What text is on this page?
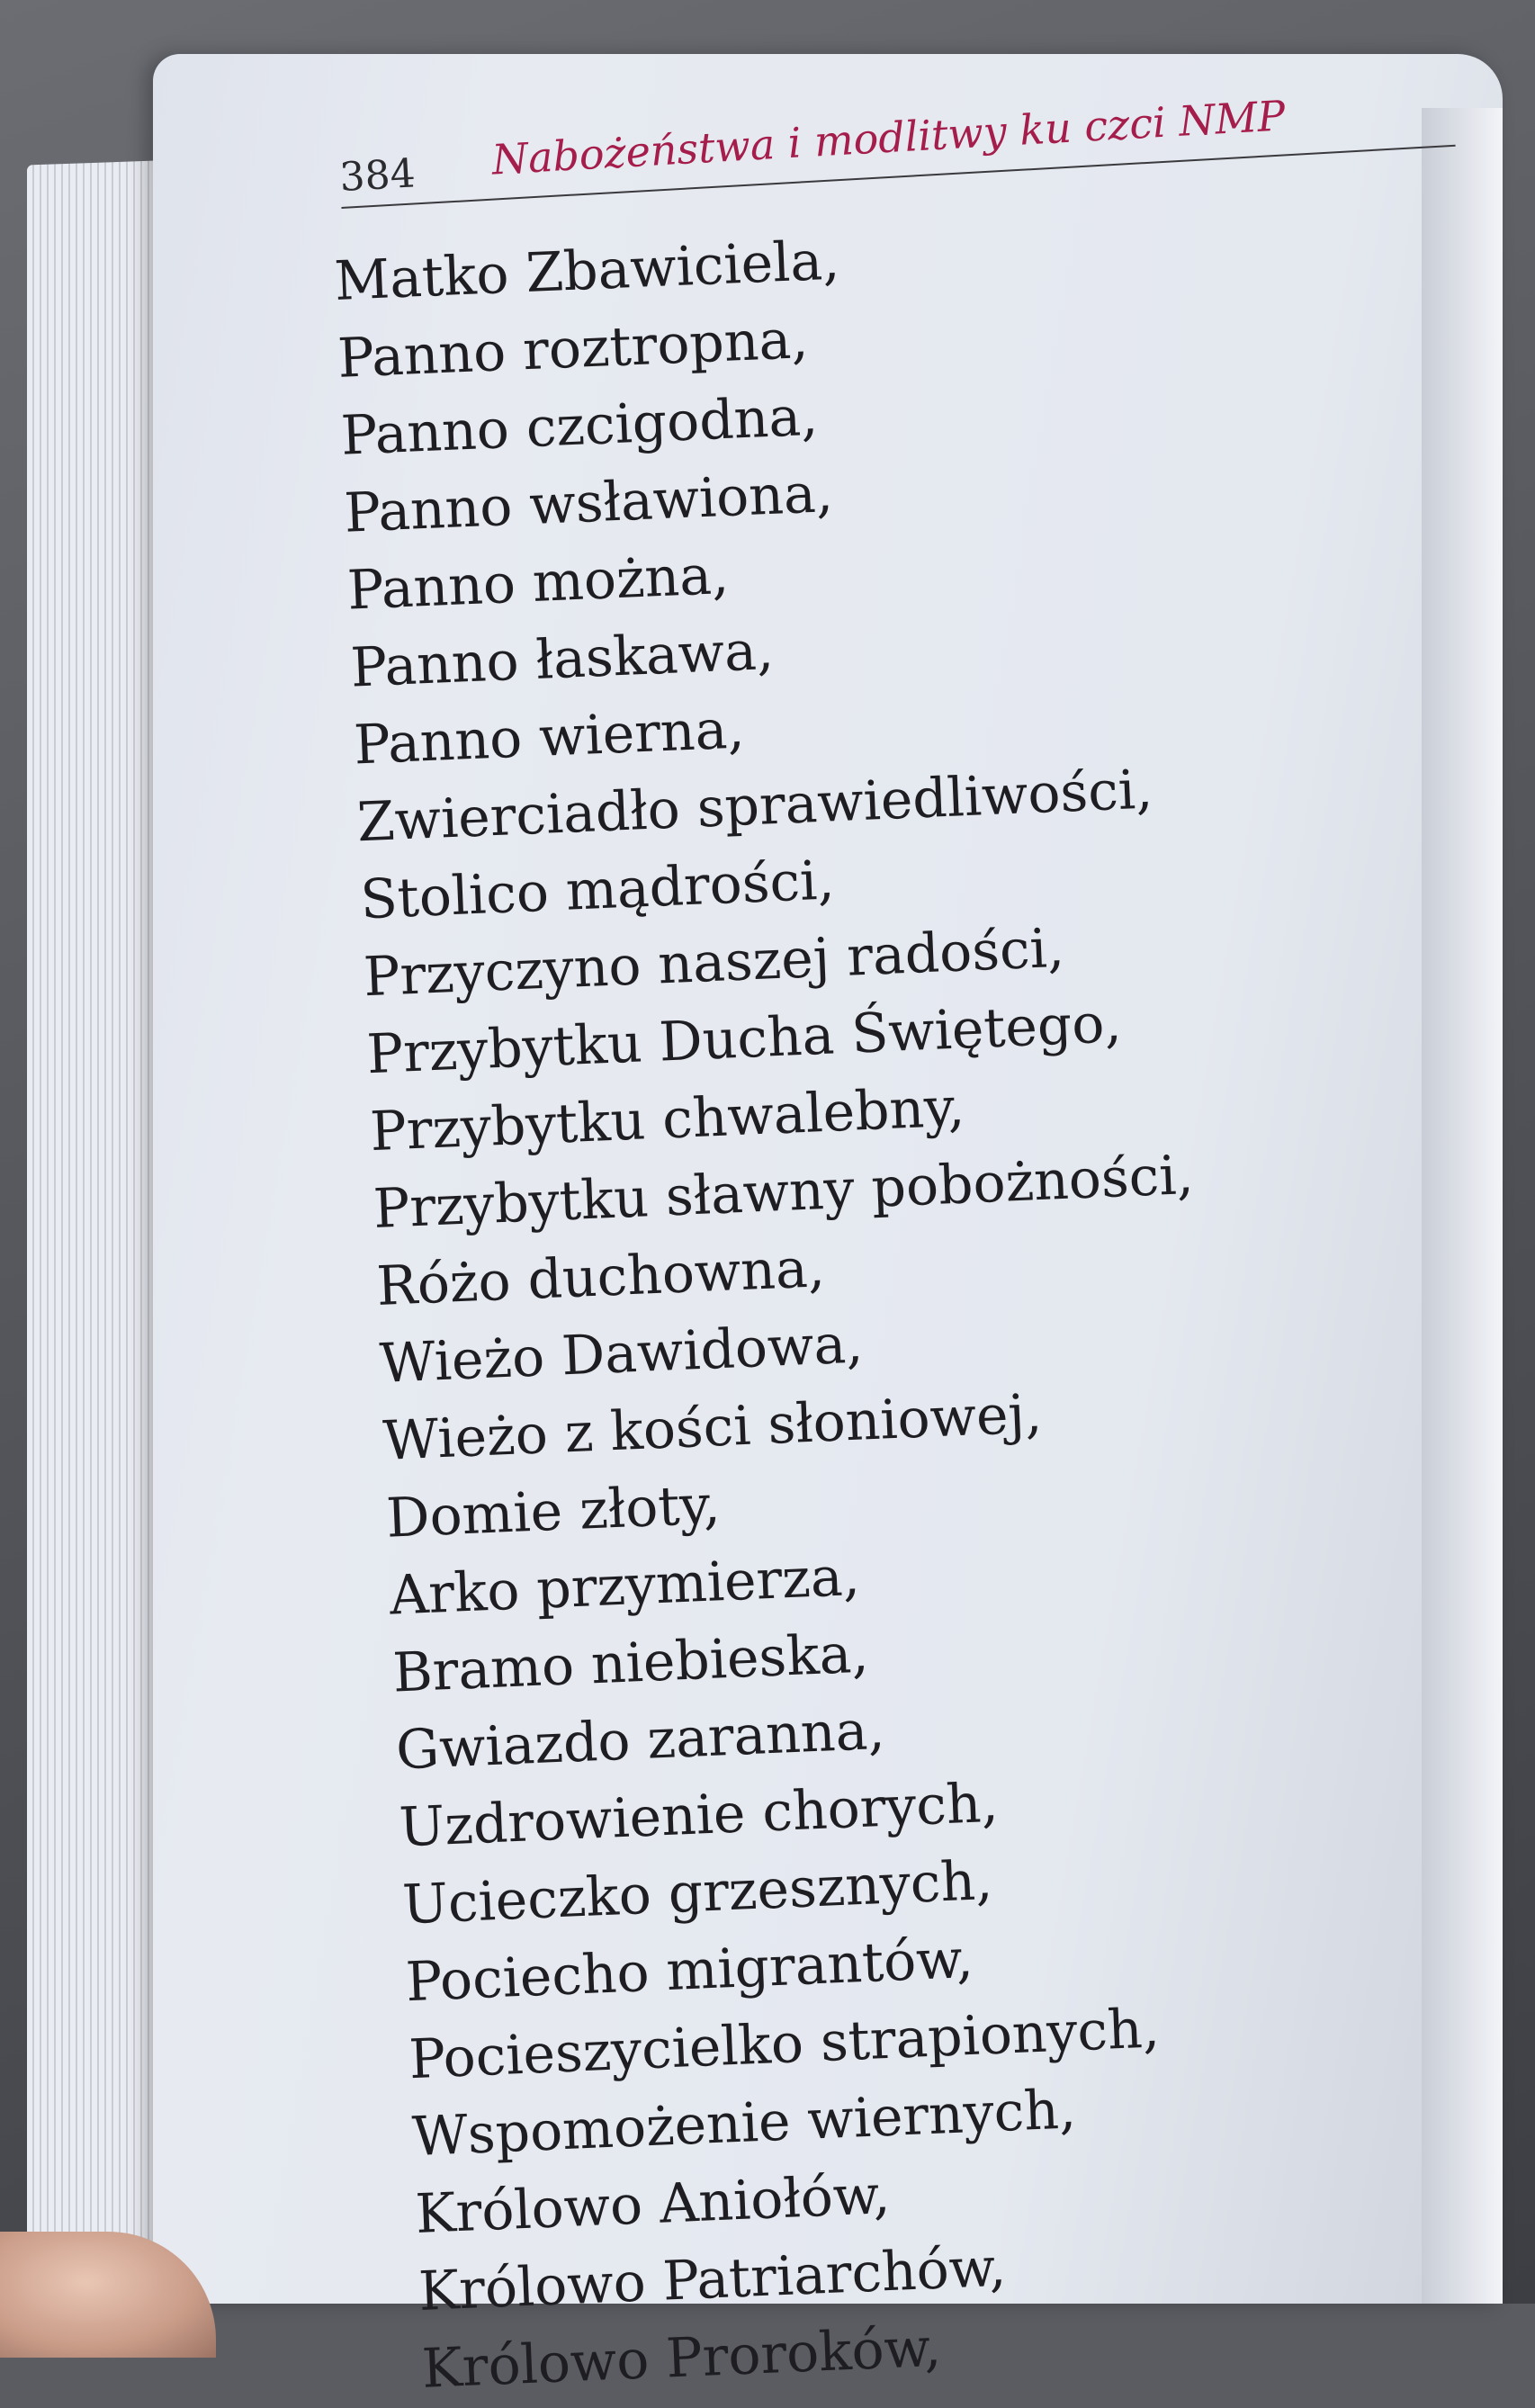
384 Nabożeństwa i modlitwy ku czci NMP
Matko Zbawiciela,
Panno roztropna,
Panno czcigodna,
Panno wsławiona,
Panno można,
Panno łaskawa,
Panno wierna,
Zwierciadło sprawiedliwości,
Stolico mądrości,
Przyczyno naszej radości,
Przybytku Ducha Świętego,
Przybytku chwalebny,
Przybytku sławny pobożności,
Różo duchowna,
Wieżo Dawidowa,
Wieżo z kości słoniowej,
Domie złoty,
Arko przymierza,
Bramo niebieska,
Gwiazdo zaranna,
Uzdrowienie chorych,
Ucieczko grzesznych,
Pociecho migrantów,
Pocieszycielko strapionych,
Wspomożenie wiernych,
Królowo Aniołów,
Królowo Patriarchów,
Królowo Proroków,
